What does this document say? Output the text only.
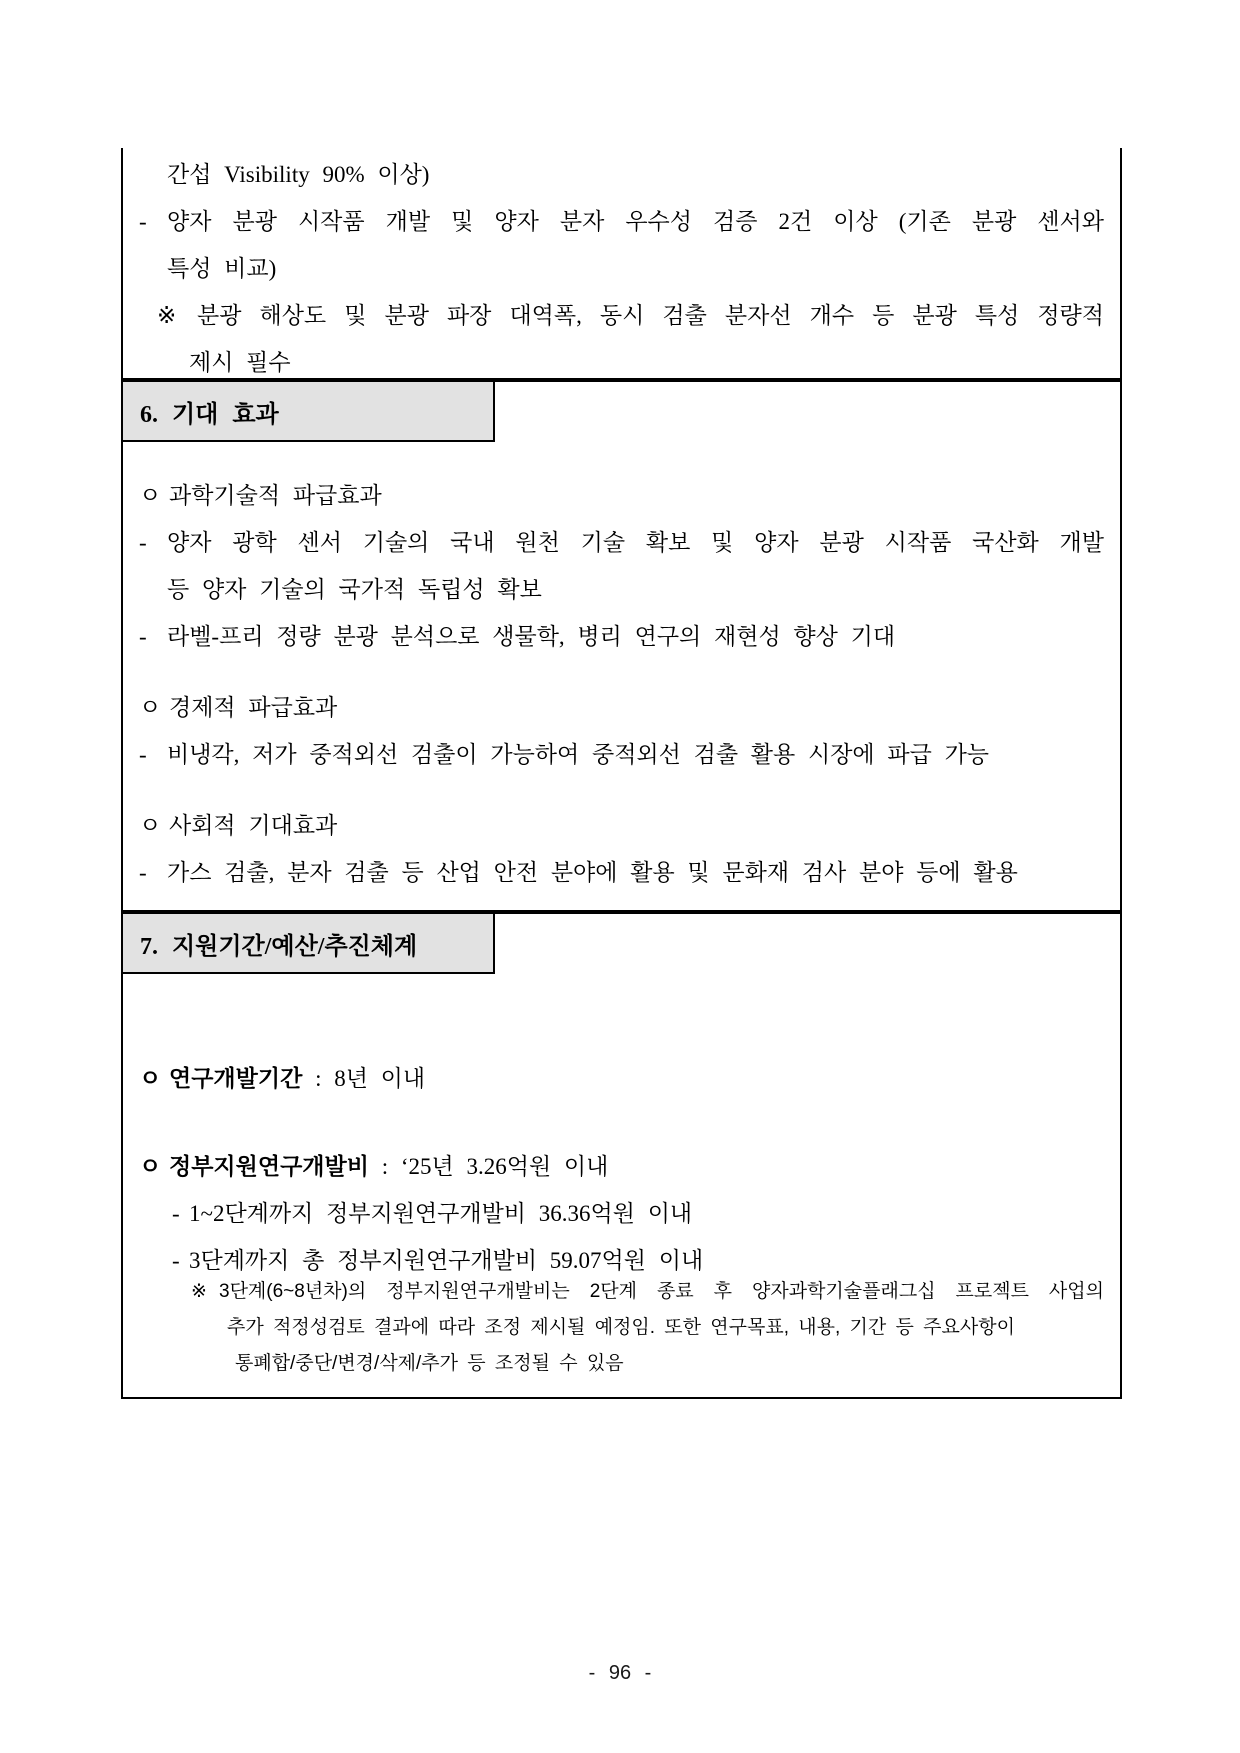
간섭 Visibility 90% 이상)
- 양자 분광 시작품 개발 및 양자 분자 우수성 검증 2건 이상 (기존 분광 센서와
특성 비교)
※ 분광 해상도 및 분광 파장 대역폭, 동시 검출 분자선 개수 등 분광 특성 정량적
제시 필수
6. 기대 효과
ㅇ 과학기술적 파급효과
- 양자 광학 센서 기술의 국내 원천 기술 확보 및 양자 분광 시작품 국산화 개발
등 양자 기술의 국가적 독립성 확보
- 라벨-프리 정량 분광 분석으로 생물학, 병리 연구의 재현성 향상 기대
ㅇ 경제적 파급효과
- 비냉각, 저가 중적외선 검출이 가능하여 중적외선 검출 활용 시장에 파급 가능
ㅇ 사회적 기대효과
- 가스 검출, 분자 검출 등 산업 안전 분야에 활용 및 문화재 검사 분야 등에 활용
7. 지원기간/예산/추진체계
ㅇ 연구개발기간 : 8년 이내
ㅇ 정부지원연구개발비 : ‘25년 3.26억원 이내
- 1~2단계까지 정부지원연구개발비 36.36억원 이내
- 3단계까지 총 정부지원연구개발비 59.07억원 이내
※ 3단계(6~8년차)의 정부지원연구개발비는 2단계 종료 후 양자과학기술플래그십 프로젝트 사업의
추가 적정성검토 결과에 따라 조정 제시될 예정임. 또한 연구목표, 내용, 기간 등 주요사항이
통폐합/중단/변경/삭제/추가 등 조정될 수 있음
- 96 -
